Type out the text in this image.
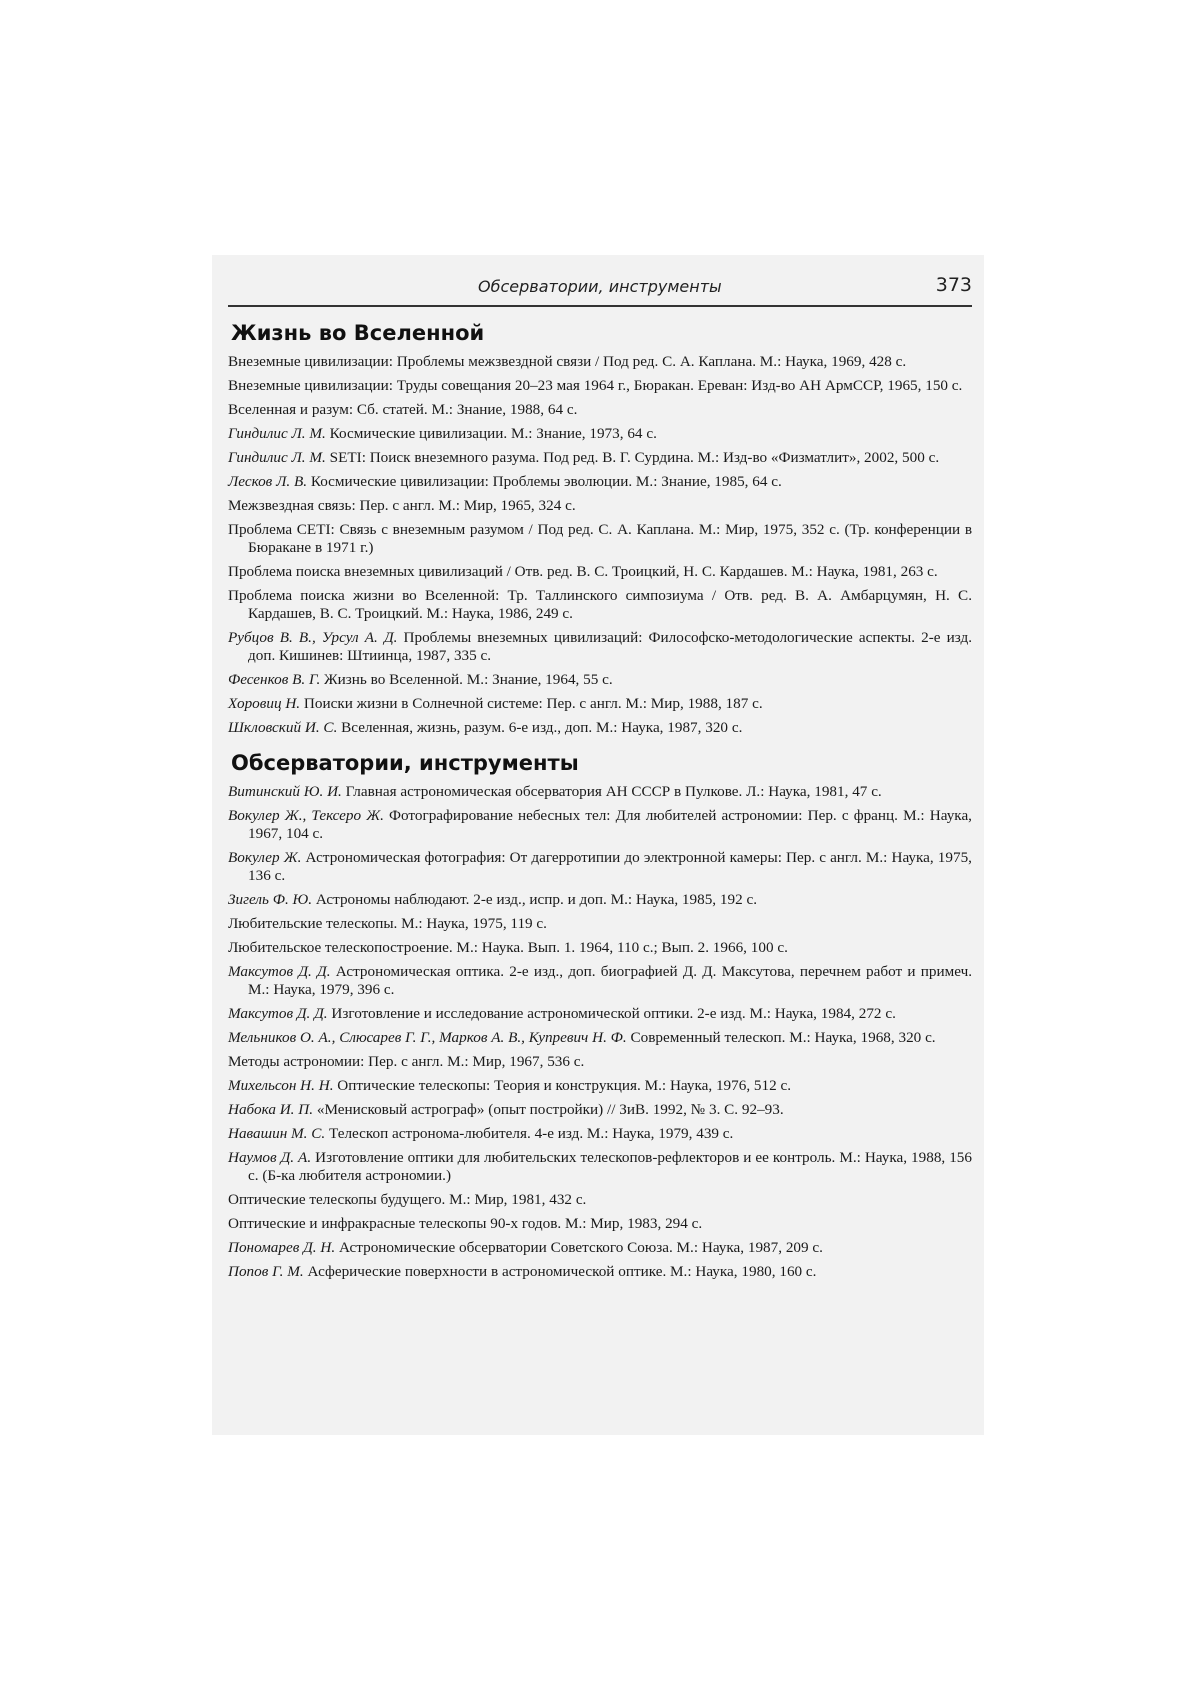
Обсерватории, инструменты	373
Жизнь во Вселенной
Внеземные цивилизации: Проблемы межзвездной связи / Под ред. С. А. Каплана. М.: Наука, 1969, 428 с.
Внеземные цивилизации: Труды совещания 20–23 мая 1964 г., Бюракан. Ереван: Изд-во АН АрмССР, 1965, 150 с.
Вселенная и разум: Сб. статей. М.: Знание, 1988, 64 с.
Гиндилис Л. М. Космические цивилизации. М.: Знание, 1973, 64 с.
Гиндилис Л. М. SETI: Поиск внеземного разума. Под ред. В. Г. Сурдина. М.: Изд-во «Физматлит», 2002, 500 с.
Лесков Л. В. Космические цивилизации: Проблемы эволюции. М.: Знание, 1985, 64 с.
Межзвездная связь: Пер. с англ. М.: Мир, 1965, 324 с.
Проблема CETI: Связь с внеземным разумом / Под ред. С. А. Каплана. М.: Мир, 1975, 352 с. (Тр. конференции в Бюракане в 1971 г.)
Проблема поиска внеземных цивилизаций / Отв. ред. В. С. Троицкий, Н. С. Кардашев. М.: Наука, 1981, 263 с.
Проблема поиска жизни во Вселенной: Тр. Таллинского симпозиума / Отв. ред. В. А. Амбарцумян, Н. С. Кардашев, В. С. Троицкий. М.: Наука, 1986, 249 с.
Рубцов В. В., Урсул А. Д. Проблемы внеземных цивилизаций: Философско-методологические аспекты. 2-е изд. доп. Кишинев: Штиинца, 1987, 335 с.
Фесенков В. Г. Жизнь во Вселенной. М.: Знание, 1964, 55 с.
Хоровиц Н. Поиски жизни в Солнечной системе: Пер. с англ. М.: Мир, 1988, 187 с.
Шкловский И. С. Вселенная, жизнь, разум. 6-е изд., доп. М.: Наука, 1987, 320 с.
Обсерватории, инструменты
Витинский Ю. И. Главная астрономическая обсерватория АН СССР в Пулкове. Л.: Наука, 1981, 47 с.
Вокулер Ж., Тексеро Ж. Фотографирование небесных тел: Для любителей астрономии: Пер. с франц. М.: Наука, 1967, 104 с.
Вокулер Ж. Астрономическая фотография: От дагерротипии до электронной камеры: Пер. с англ. М.: Наука, 1975, 136 с.
Зигель Ф. Ю. Астрономы наблюдают. 2-е изд., испр. и доп. М.: Наука, 1985, 192 с.
Любительские телескопы. М.: Наука, 1975, 119 с.
Любительское телескопостроение. М.: Наука. Вып. 1. 1964, 110 с.; Вып. 2. 1966, 100 с.
Максутов Д. Д. Астрономическая оптика. 2-е изд., доп. биографией Д. Д. Максутова, перечнем работ и примеч. М.: Наука, 1979, 396 с.
Максутов Д. Д. Изготовление и исследование астрономической оптики. 2-е изд. М.: Наука, 1984, 272 с.
Мельников О. А., Слюсарев Г. Г., Марков А. В., Купревич Н. Ф. Современный телескоп. М.: Наука, 1968, 320 с.
Методы астрономии: Пер. с англ. М.: Мир, 1967, 536 с.
Михельсон Н. Н. Оптические телескопы: Теория и конструкция. М.: Наука, 1976, 512 с.
Набока И. П. «Менисковый астрограф» (опыт постройки) // ЗиВ. 1992, № 3. С. 92–93.
Навашин М. С. Телескоп астронома-любителя. 4-е изд. М.: Наука, 1979, 439 с.
Наумов Д. А. Изготовление оптики для любительских телескопов-рефлекторов и ее контроль. М.: Наука, 1988, 156 с. (Б-ка любителя астрономии.)
Оптические телескопы будущего. М.: Мир, 1981, 432 с.
Оптические и инфракрасные телескопы 90-х годов. М.: Мир, 1983, 294 с.
Пономарев Д. Н. Астрономические обсерватории Советского Союза. М.: Наука, 1987, 209 с.
Попов Г. М. Асферические поверхности в астрономической оптике. М.: Наука, 1980, 160 с.
